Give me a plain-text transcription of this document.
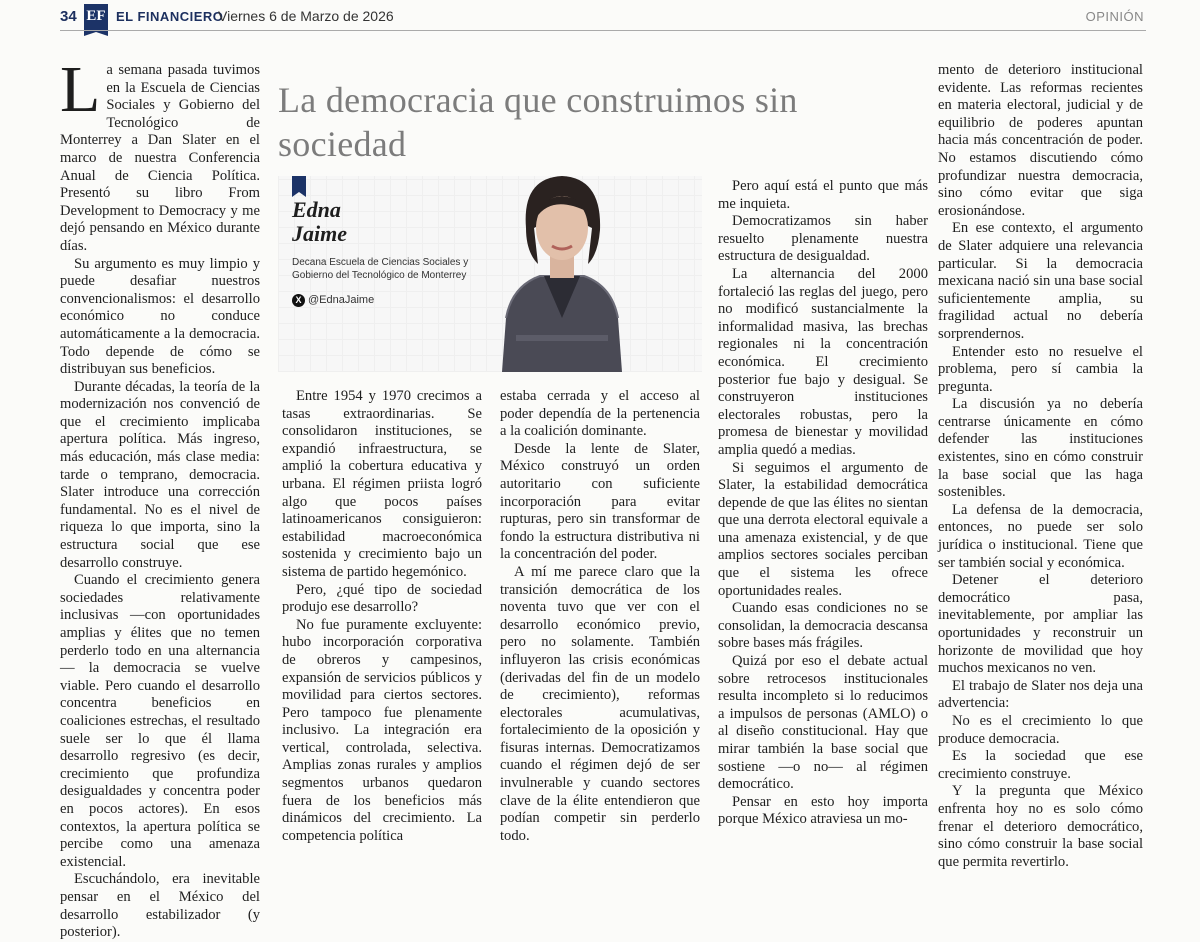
34 EF EL FINANCIERO
Viernes 6 de Marzo de 2026	OPINIÓN
La democracia que construimos sin sociedad
Edna
Jaime
Decana Escuela de Ciencias Sociales y Gobierno del Tecnológico de Monterrey
X @EdnaJaime
L a semana pasada tuvimos en la Escuela de Ciencias Sociales y Gobierno del Tecnológico de Monterrey a Dan Slater en el marco de nuestra Conferencia Anual de Ciencia Política. Presentó su libro From Development to Democracy y me dejó pensando en México durante días.

Su argumento es muy limpio y puede desafiar nuestros convencionalismos: el desarrollo económico no conduce automáticamente a la democracia. Todo depende de cómo se distribuyan sus beneficios.

Durante décadas, la teoría de la modernización nos convenció de que el crecimiento implicaba apertura política. Más ingreso, más educación, más clase media: tarde o temprano, democracia. Slater introduce una corrección fundamental. No es el nivel de riqueza lo que importa, sino la estructura social que ese desarrollo construye.

Cuando el crecimiento genera sociedades relativamente inclusivas —con oportunidades amplias y élites que no temen perderlo todo en una alternancia— la democracia se vuelve viable. Pero cuando el desarrollo concentra beneficios en coaliciones estrechas, el resultado suele ser lo que él llama desarrollo regresivo (es decir, crecimiento que profundiza desigualdades y concentra poder en pocos actores). En esos contextos, la apertura política se percibe como una amenaza existencial.

Escuchándolo, era inevitable pensar en el México del desarrollo estabilizador (y posterior).

Entre 1954 y 1970 crecimos a tasas extraordinarias. Se consolidaron instituciones, se expandió infraestructura, se amplió la cobertura educativa y urbana. El régimen priista logró algo que pocos países latinoamericanos consiguieron: estabilidad macroeconómica sostenida y crecimiento bajo un sistema de partido hegemónico.

Pero, ¿qué tipo de sociedad produjo ese desarrollo?

No fue puramente excluyente: hubo incorporación corporativa de obreros y campesinos, expansión de servicios públicos y movilidad para ciertos sectores. Pero tampoco fue plenamente inclusivo. La integración era vertical, controlada, selectiva. Amplias zonas rurales y amplios segmentos urbanos quedaron fuera de los beneficios más dinámicos del crecimiento. La competencia política

estaba cerrada y el acceso al poder dependía de la pertenencia a la coalición dominante.

Desde la lente de Slater, México construyó un orden autoritario con suficiente incorporación para evitar rupturas, pero sin transformar de fondo la estructura distributiva ni la concentración del poder.

A mí me parece claro que la transición democrática de los noventa tuvo que ver con el desarrollo económico previo, pero no solamente. También influyeron las crisis económicas (derivadas del fin de un modelo de crecimiento), reformas electorales acumulativas, fortalecimiento de la oposición y fisuras internas. Democratizamos cuando el régimen dejó de ser invulnerable y cuando sectores clave de la élite entendieron que podían competir sin perderlo todo.

Pero aquí está el punto que más me inquieta.

Democratizamos sin haber resuelto plenamente nuestra estructura de desigualdad.

La alternancia del 2000 fortaleció las reglas del juego, pero no modificó sustancialmente la informalidad masiva, las brechas regionales ni la concentración económica. El crecimiento posterior fue bajo y desigual. Se construyeron instituciones electorales robustas, pero la promesa de bienestar y movilidad amplia quedó a medias.

Si seguimos el argumento de Slater, la estabilidad democrática depende de que las élites no sientan que una derrota electoral equivale a una amenaza existencial, y de que amplios sectores sociales perciban que el sistema les ofrece oportunidades reales.

Cuando esas condiciones no se consolidan, la democracia descansa sobre bases más frágiles.

Quizá por eso el debate actual sobre retrocesos institucionales resulta incompleto si lo reducimos a impulsos de personas (AMLO) o al diseño constitucional. Hay que mirar también la base social que sostiene —o no— al régimen democrático.

Pensar en esto hoy importa porque México atraviesa un mo-

mento de deterioro institucional evidente. Las reformas recientes en materia electoral, judicial y de equilibrio de poderes apuntan hacia más concentración de poder. No estamos discutiendo cómo profundizar nuestra democracia, sino cómo evitar que siga erosionándose.

En ese contexto, el argumento de Slater adquiere una relevancia particular. Si la democracia mexicana nació sin una base social suficientemente amplia, su fragilidad actual no debería sorprendernos.

Entender esto no resuelve el problema, pero sí cambia la pregunta.

La discusión ya no debería centrarse únicamente en cómo defender las instituciones existentes, sino en cómo construir la base social que las haga sostenibles.

La defensa de la democracia, entonces, no puede ser solo jurídica o institucional. Tiene que ser también social y económica.

Detener el deterioro democrático pasa, inevitablemente, por ampliar las oportunidades y reconstruir un horizonte de movilidad que hoy muchos mexicanos no ven.

El trabajo de Slater nos deja una advertencia:

No es el crecimiento lo que produce democracia.

Es la sociedad que ese crecimiento construye.

Y la pregunta que México enfrenta hoy no es solo cómo frenar el deterioro democrático, sino cómo construir la base social que permita revertirlo.
